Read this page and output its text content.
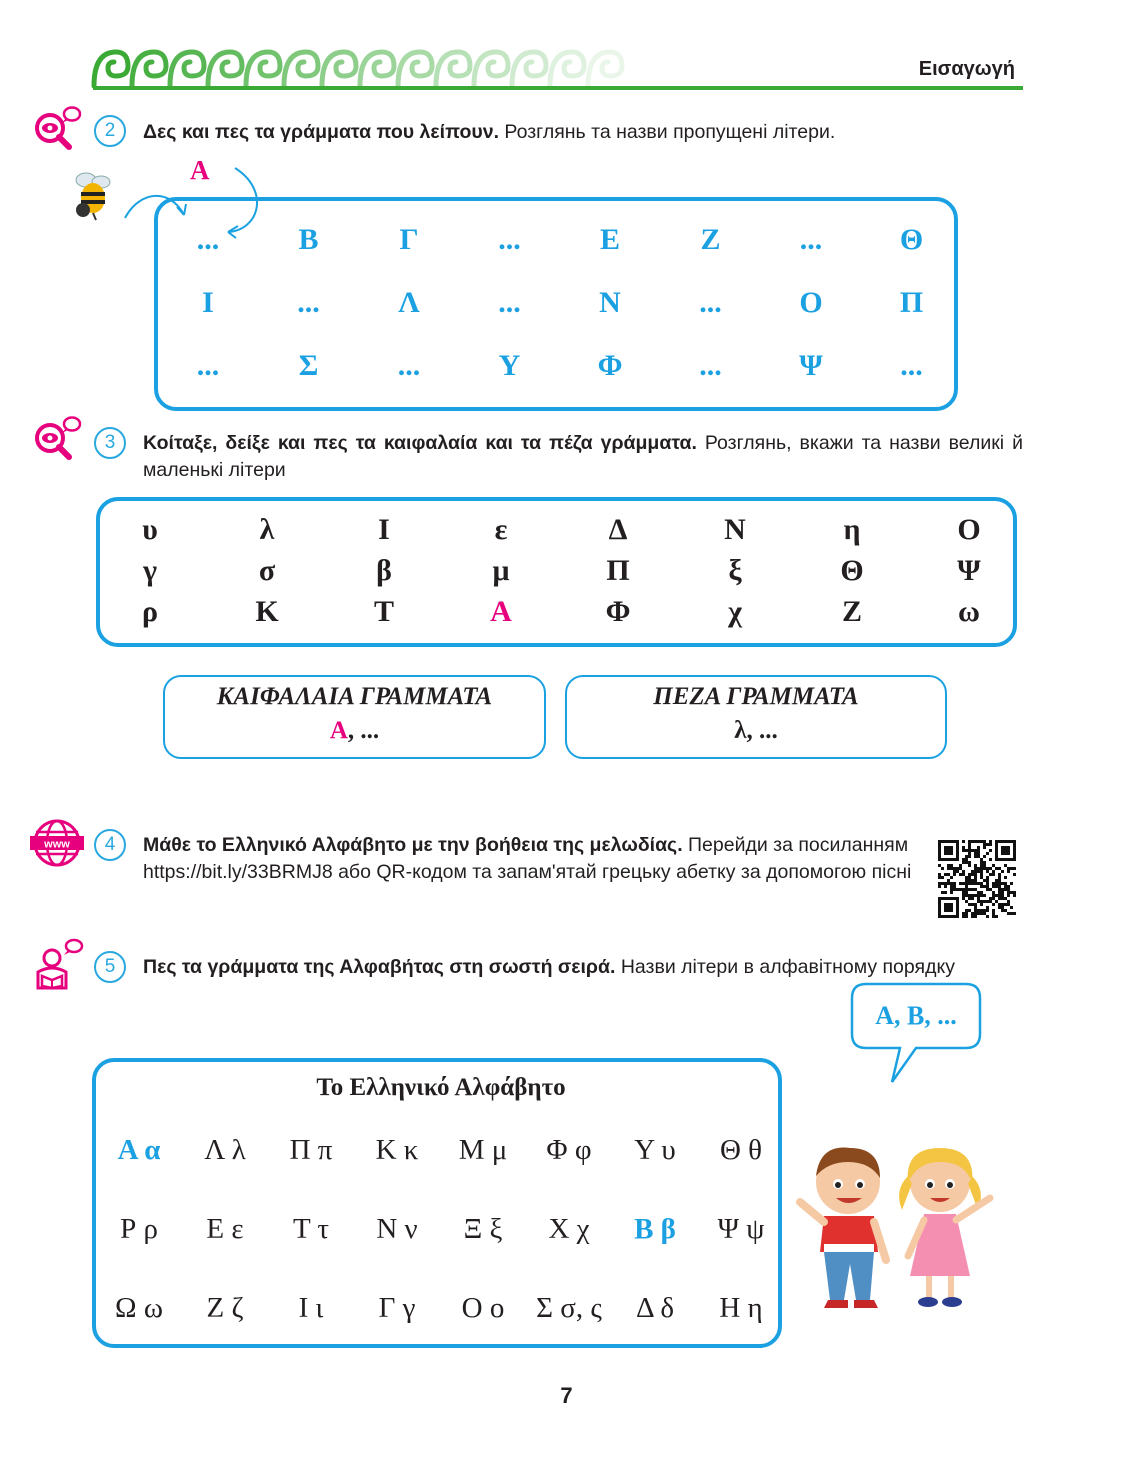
Εισαγωγή
2	Δες και πες τα γράμματα που λείπουν. Розглянь та назви пропущені літери.
Α
...	Β	Γ	...	Ε	Ζ	...	Θ
Ι	...	Λ	...	Ν	...	Ο	Π
...	Σ	...	Υ	Φ	...	Ψ	...
3	Κοίταξε, δείξε και πες τα καιφαλαία και τα πέζα γράμματα. Розглянь, вкажи та назви великі й маленькі літери
υ	λ	Ι	ε	Δ	Ν	η	Ο
γ	σ	β	μ	Π	ξ	Θ	Ψ
ρ	Κ	Τ	Α	Φ	χ	Ζ	ω
ΚΑΙΦΑΛΑΙΑ ΓΡΑΜΜΑΤΑ
Α, ...
ΠΕΖΑ ΓΡΑΜΜΑΤΑ
λ, ...
www	4	Μάθε το Ελληνικό Αλφάβητο με την βοήθεια της μελωδίας. Перейди за посиланням https://bit.ly/33BRMJ8 або QR-кодом та запам'ятай грецьку абетку за допомогою пісні
5	Πες τα γράμματα της Αλφαβήτας στη σωστή σειρά. Назви літери в алфавітному порядку
Α, Β, ...
Το Ελληνικό Αλφάβητο
Α α	Λ λ	Π π	Κ κ	Μ μ	Φ φ	Υ υ	Θ θ
Ρ ρ	Ε ε	Τ τ	Ν ν	Ξ ξ	Χ χ	Β β	Ψ ψ
Ω ω	Ζ ζ	Ι ι	Γ γ	Ο ο	Σ σ, ς	Δ δ	Η η
7
